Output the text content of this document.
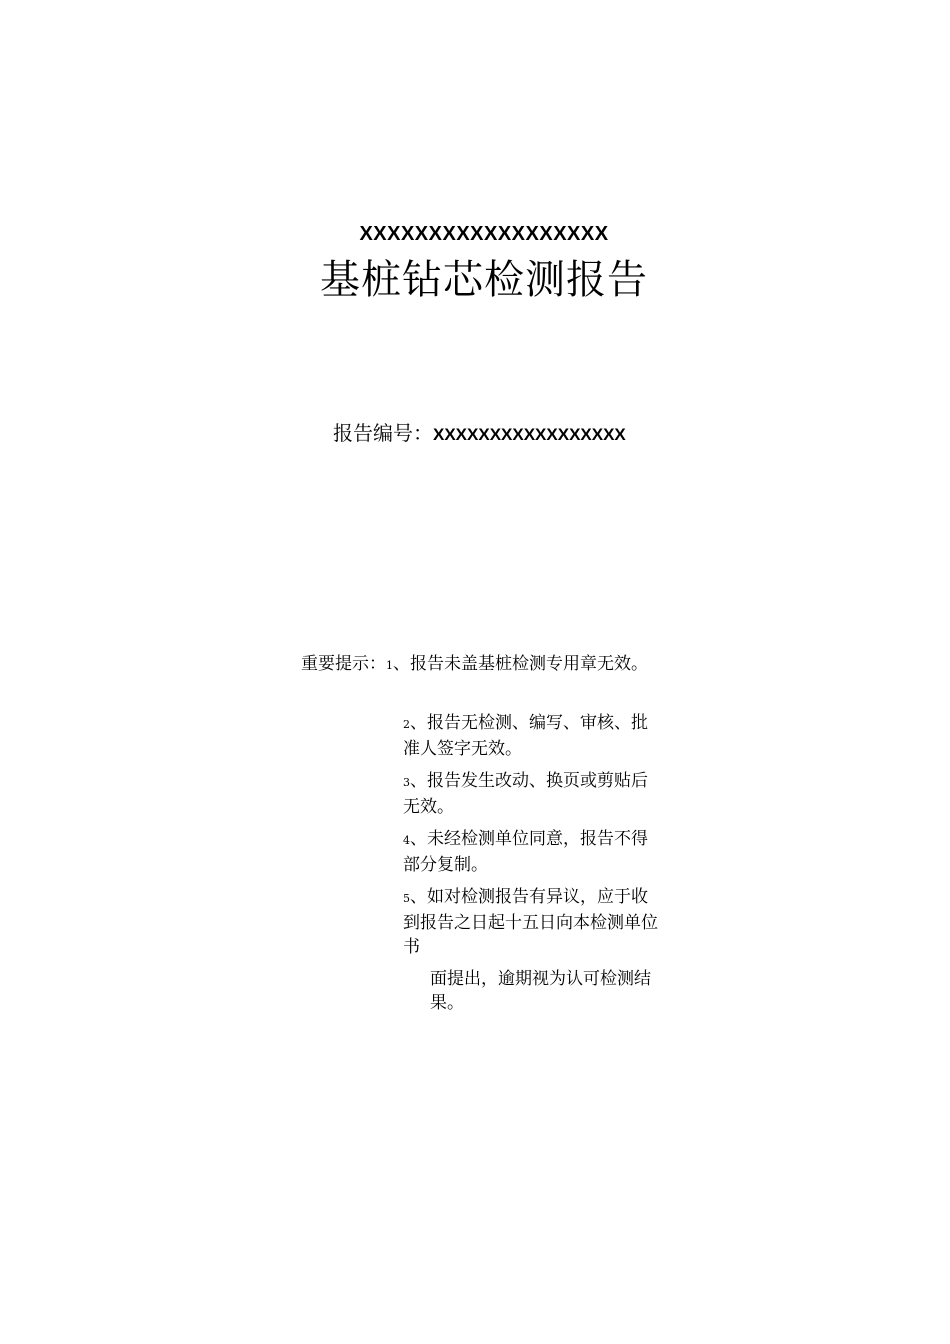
XXXXXXXXXXXXXXXXXX
基桩钻芯检测报告
报告编号：XXXXXXXXXXXXXXXXX
重要提示：1、报告未盖基桩检测专用章无效。
2、报告无检测、编写、审核、批准人签字无效。
3、报告发生改动、换页或剪贴后无效。
4、未经检测单位同意，报告不得部分复制。
5、如对检测报告有异议，应于收到报告之日起十五日向本检测单位书
面提出，逾期视为认可检测结果。
